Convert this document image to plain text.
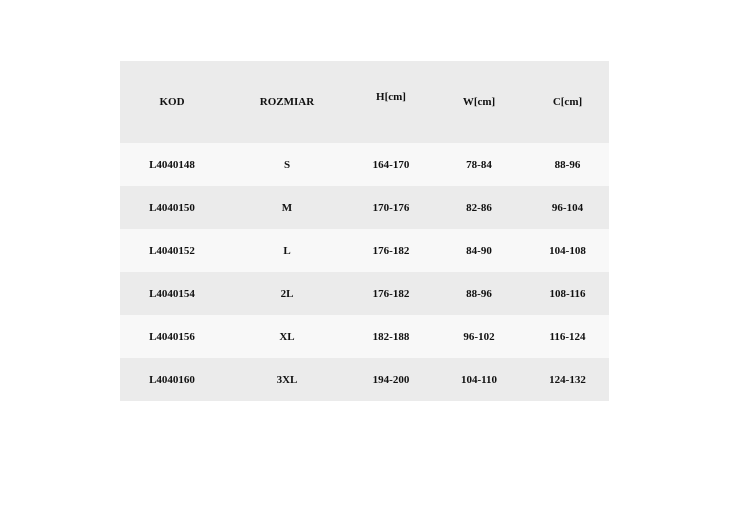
KOD	ROZMIAR	H[cm]	W[cm]	C[cm]
L4040148	S	164-170	78-84	88-96
L4040150	M	170-176	82-86	96-104
L4040152	L	176-182	84-90	104-108
L4040154	2L	176-182	88-96	108-116
L4040156	XL	182-188	96-102	116-124
L4040160	3XL	194-200	104-110	124-132
